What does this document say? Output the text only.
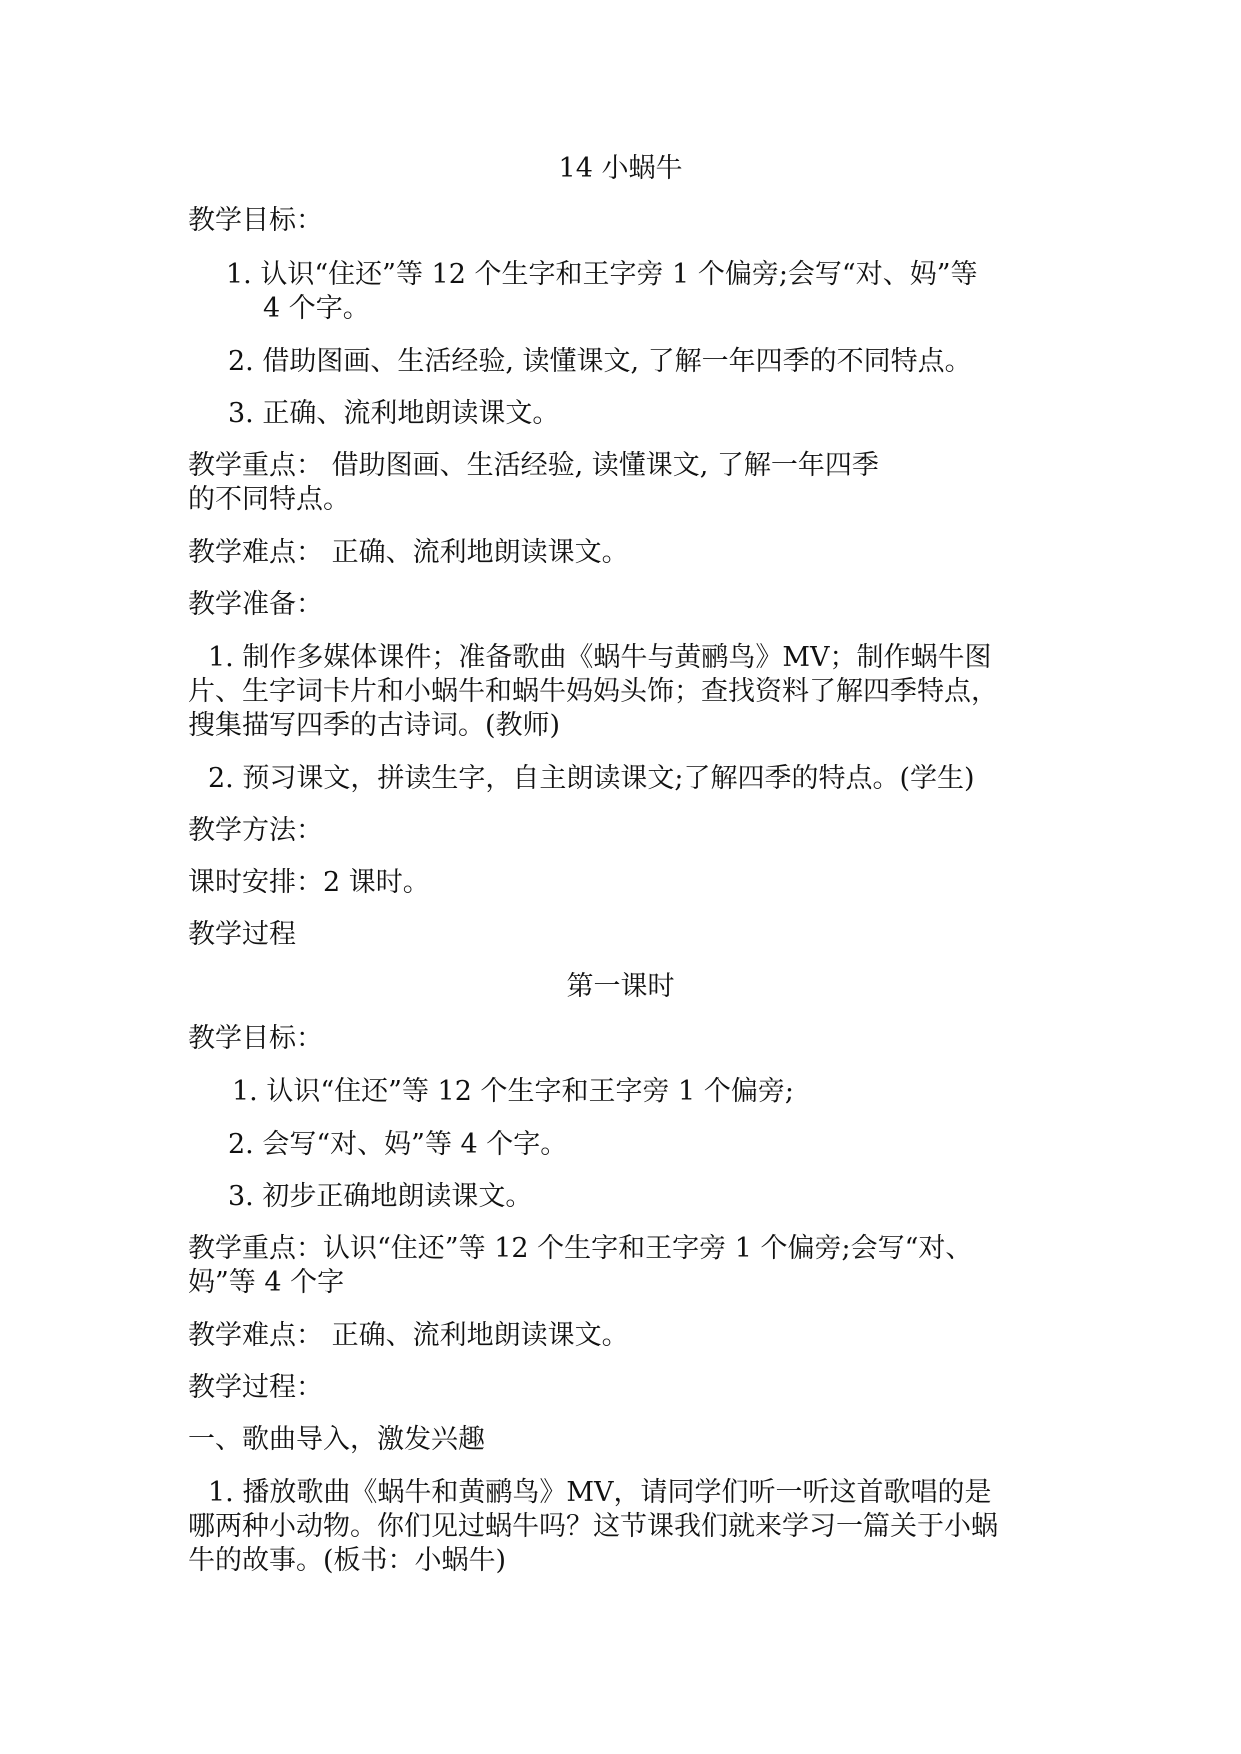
14 小蜗牛
教学目标：
1. 认识“住还”等 12 个生字和王字旁 1 个偏旁;会写“对、妈”等
4 个字。
2. 借助图画、生活经验, 读懂课文, 了解一年四季的不同特点。
3. 正确、流利地朗读课文。
教学重点： 借助图画、生活经验, 读懂课文, 了解一年四季
的不同特点。
教学难点： 正确、流利地朗读课文。
教学准备：
1. 制作多媒体课件；准备歌曲《蜗牛与黄鹂鸟》MV；制作蜗牛图
片、生字词卡片和小蜗牛和蜗牛妈妈头饰；查找资料了解四季特点，
搜集描写四季的古诗词。(教师)
2. 预习课文，拼读生字，自主朗读课文;了解四季的特点。(学生)
教学方法：
课时安排：2 课时。
教学过程
第一课时
教学目标：
1. 认识“住还”等 12 个生字和王字旁 1 个偏旁;
2. 会写“对、妈”等 4 个字。
3. 初步正确地朗读课文。
教学重点：认识“住还”等 12 个生字和王字旁 1 个偏旁;会写“对、
妈”等 4 个字
教学难点： 正确、流利地朗读课文。
教学过程：
一、歌曲导入，激发兴趣
1. 播放歌曲《蜗牛和黄鹂鸟》MV，请同学们听一听这首歌唱的是
哪两种小动物。你们见过蜗牛吗？这节课我们就来学习一篇关于小蜗
牛的故事。(板书：小蜗牛)
